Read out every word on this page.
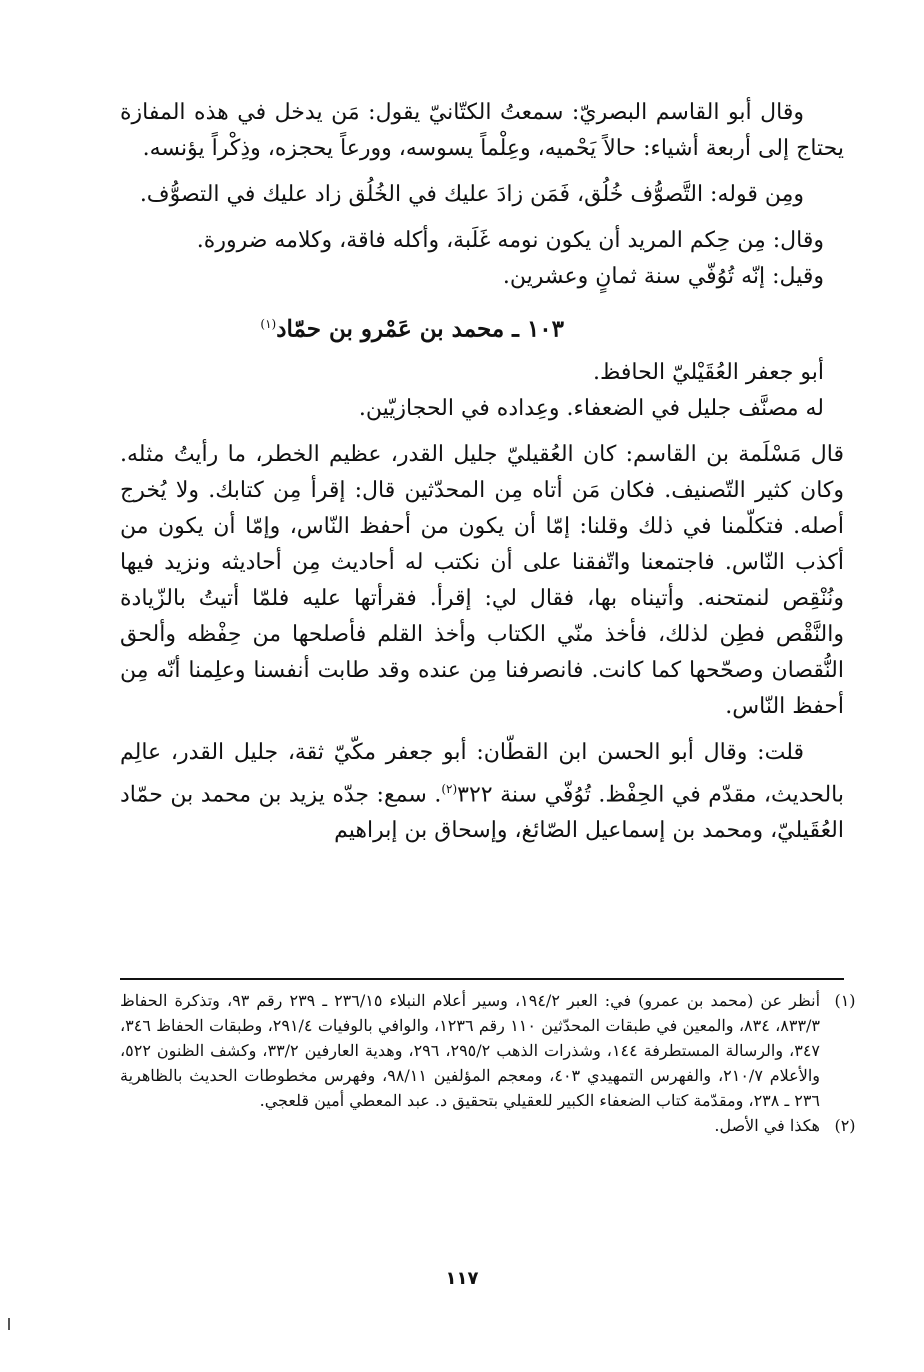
وقال أبو القاسم البصريّ: سمعتُ الكتّانيّ يقول: مَن يدخل في هذه المفازة يحتاج إلى أربعة أشياء: حالاً يَحْميه، وعِلْماً يسوسه، وورعاً يحجزه، وذِكْراً يؤنسه.

ومِن قوله: التَّصوُّف خُلُق، فَمَن زادَ عليك في الخُلُق زاد عليك في التصوُّف.

وقال: مِن حِكم المريد أن يكون نومه غَلَبة، وأكله فاقة، وكلامه ضرورة.

وقيل: إنّه تُوُفّي سنة ثمانٍ وعشرين.

١٠٣ ـ محمد بن عَمْرو بن حمّاد$^{(١)}$

أبو جعفر العُقَيْليّ الحافظ.

له مصنَّف جليل في الضعفاء. وعِداده في الحجازيّين.

قال مَسْلَمة بن القاسم: كان العُقيليّ جليل القدر، عظيم الخطر، ما رأيتُ مثله. وكان كثير التّصنيف. فكان مَن أتاه مِن المحدّثين قال: إقرأ مِن كتابك. ولا يُخرج أصله. فتكلّمنا في ذلك وقلنا: إمّا أن يكون من أحفظ النّاس، وإمّا أن يكون من أكذب النّاس. فاجتمعنا واتّفقنا على أن نكتب له أحاديث مِن أحاديثه ونزيد فيها ونُنْقِص لنمتحنه. وأتيناه بها، فقال لي: إقرأ. فقرأتها عليه فلمّا أتيتُ بالزّيادة والنَّقْص فطِن لذلك، فأخذ منّي الكتاب وأخذ القلم فأصلحها من حِفْظه وألحق النُّقصان وصحّحها كما كانت. فانصرفنا مِن عنده وقد طابت أنفسنا وعلِمنا أنّه مِن أحفظ النّاس.

قلت: وقال أبو الحسن ابن القطّان: أبو جعفر مكّيّ ثقة، جليل القدر، عالِم بالحديث، مقدّم في الحِفْظ. تُوُفّي سنة ٣٢٢$^{(٢)}$. سمع: جدّه يزيد بن محمد بن حمّاد العُقَيليّ، ومحمد بن إسماعيل الصّائغ، وإسحاق بن إبراهيم

(١)
أنظر عن (محمد بن عمرو) في: العبر ١٩٤/٢، وسير أعلام النبلاء ٢٣٦/١٥ ـ ٢٣٩ رقم ٩٣، وتذكرة الحفاظ ٨٣٣/٣، ٨٣٤، والمعين في طبقات المحدّثين ١١٠ رقم ١٢٣٦، والوافي بالوفيات ٢٩١/٤، وطبقات الحفاظ ٣٤٦، ٣٤٧، والرسالة المستطرفة ١٤٤، وشذرات الذهب ٢٩٥/٢، ٢٩٦، وهدية العارفين ٣٣/٢، وكشف الظنون ٥٢٢، والأعلام ٢١٠/٧، والفهرس التمهيدي ٤٠٣، ومعجم المؤلفين ٩٨/١١، وفهرس مخطوطات الحديث بالظاهرية ٢٣٦ ـ ٢٣٨، ومقدّمة كتاب الضعفاء الكبير للعقيلي بتحقيق د. عبد المعطي أمين قلعجي.
(٢)
هكذا في الأصل.
١١٧
